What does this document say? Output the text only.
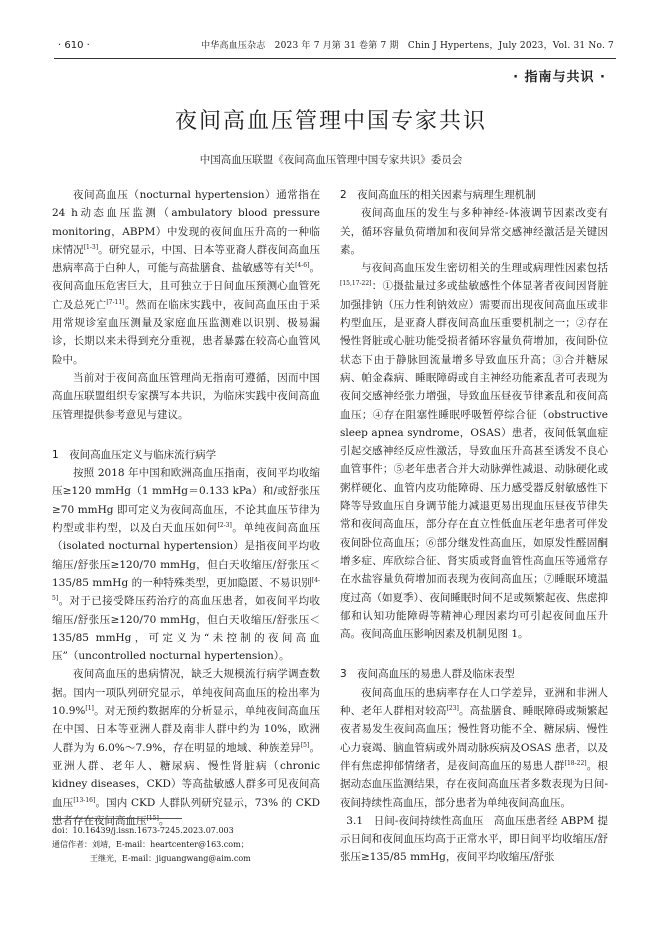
· 610 ·	中华高血压杂志　2023 年 7 月第 31 卷第 7 期　Chin J Hypertens，July 2023，Vol. 31 No. 7
· 指南与共识 ·
夜间高血压管理中国专家共识
中国高血压联盟《夜间高血压管理中国专家共识》委员会

夜间高血压（nocturnal hypertension）通常指在24 h动态血压监测（ambulatory blood pressure monitoring，ABPM）中发现的夜间血压升高的一种临床情况[1-3]。研究显示，中国、日本等亚裔人群夜间高血压患病率高于白种人，可能与高盐膳食、盐敏感等有关[4-6]。夜间高血压危害巨大，且可独立于日间血压预测心血管死亡及总死亡[7-11]。然而在临床实践中，夜间高血压由于采用常规诊室血压测量及家庭血压监测难以识别、极易漏诊，长期以来未得到充分重视，患者暴露在较高心血管风险中。

当前对于夜间高血压管理尚无指南可遵循，因而中国高血压联盟组织专家撰写本共识，为临床实践中夜间高血压管理提供参考意见与建议。

1　夜间高血压定义与临床流行病学

按照 2018 年中国和欧洲高血压指南，夜间平均收缩压≥120 mmHg（1 mmHg＝0.133 kPa）和/或舒张压≥70 mmHg 即可定义为夜间高血压，不论其血压节律为杓型或非杓型，以及白天血压如何[2-3]。单纯夜间高血压（isolated nocturnal hypertension）是指夜间平均收缩压/舒张压≥120/70 mmHg，但白天收缩压/舒张压＜135/85 mmHg 的一种特殊类型，更加隐匿、不易识别[4-5]。对于已接受降压药治疗的高血压患者，如夜间平均收缩压/舒张压≥120/70 mmHg，但白天收缩压/舒张压＜135/85 mmHg，可定义为“未控制的夜间高血压”（uncontrolled nocturnal hypertension）。

夜间高血压的患病情况，缺乏大规模流行病学调查数据。国内一项队列研究显示，单纯夜间高血压的检出率为 10.9%[1]。对无预约数据库的分析显示，单纯夜间高血压在中国、日本等亚洲人群及南非人群中约为 10%，欧洲人群为为 6.0%～7.9%，存在明显的地域、种族差异[5]。亚洲人群、老年人、糖尿病、慢性肾脏病（chronic kidney diseases，CKD）等高盐敏感人群多可见夜间高血压[13-16]。国内 CKD 人群队列研究显示，73% 的 CKD 患者存在夜间高血压[15]。

2　夜间高血压的相关因素与病理生理机制

夜间高血压的发生与多种神经-体液调节因素改变有关，循环容量负荷增加和夜间异常交感神经激活是关键因素。

与夜间高血压发生密切相关的生理或病理性因素包括[15,17-22]：①摄盐量过多或盐敏感性个体显著者夜间因肾脏加强排钠（压力性利钠效应）需要而出现夜间高血压或非杓型血压，是亚裔人群夜间高血压重要机制之一；②存在慢性肾脏或心脏功能受损者循环容量负荷增加，夜间卧位状态下由于静脉回流量增多导致血压升高；③合并糖尿病、帕金森病、睡眠障碍或自主神经功能紊乱者可表现为夜间交感神经张力增强，导致血压昼夜节律紊乱和夜间高血压；④存在阻塞性睡眠呼吸暂停综合征（obstructive sleep apnea syndrome，OSAS）患者，夜间低氧血症引起交感神经反应性激活，导致血压升高甚至诱发不良心血管事件；⑤老年患者合并大动脉弹性减退、动脉硬化或粥样硬化、血管内皮功能障碍、压力感受器反射敏感性下降等导致血压自身调节能力减退更易出现血压昼夜节律失常和夜间高血压，部分存在直立性低血压老年患者可伴发夜间卧位高血压；⑥部分继发性高血压，如原发性醛固酮增多症、库欣综合征、肾实质或肾血管性高血压等通常存在水盐容量负荷增加而表现为夜间高血压；⑦睡眠环境温度过高（如夏季）、夜间睡眠时间不足或频繁起夜、焦虑抑郁和认知功能障碍等精神心理因素均可引起夜间血压升高。夜间高血压影响因素及机制见图 1。

3　夜间高血压的易患人群及临床表型

夜间高血压的患病率存在人口学差异，亚洲和非洲人种、老年人群相对较高[23]。高盐膳食、睡眠障碍或频繁起夜者易发生夜间高血压；慢性肾功能不全、糖尿病、慢性心力衰竭、脑血管病或外周动脉疾病及OSAS 患者，以及伴有焦虑抑郁情绪者，是夜间高血压的易患人群[18-22]。根据动态血压监测结果，存在夜间高血压者多数表现为日间-夜间持续性高血压，部分患者为单纯夜间高血压。

3.1　日间-夜间持续性高血压　高血压患者经 ABPM 提示日间和夜间血压均高于正常水平，即日间平均收缩压/舒张压≥135/85 mmHg，夜间平均收缩压/舒张

doi：10.16439/j.issn.1673-7245.2023.07.003
通信作者：刘靖，E-mail：heartcenter@163.com；
王继光，E-mail：jiguangwang@aim.com
